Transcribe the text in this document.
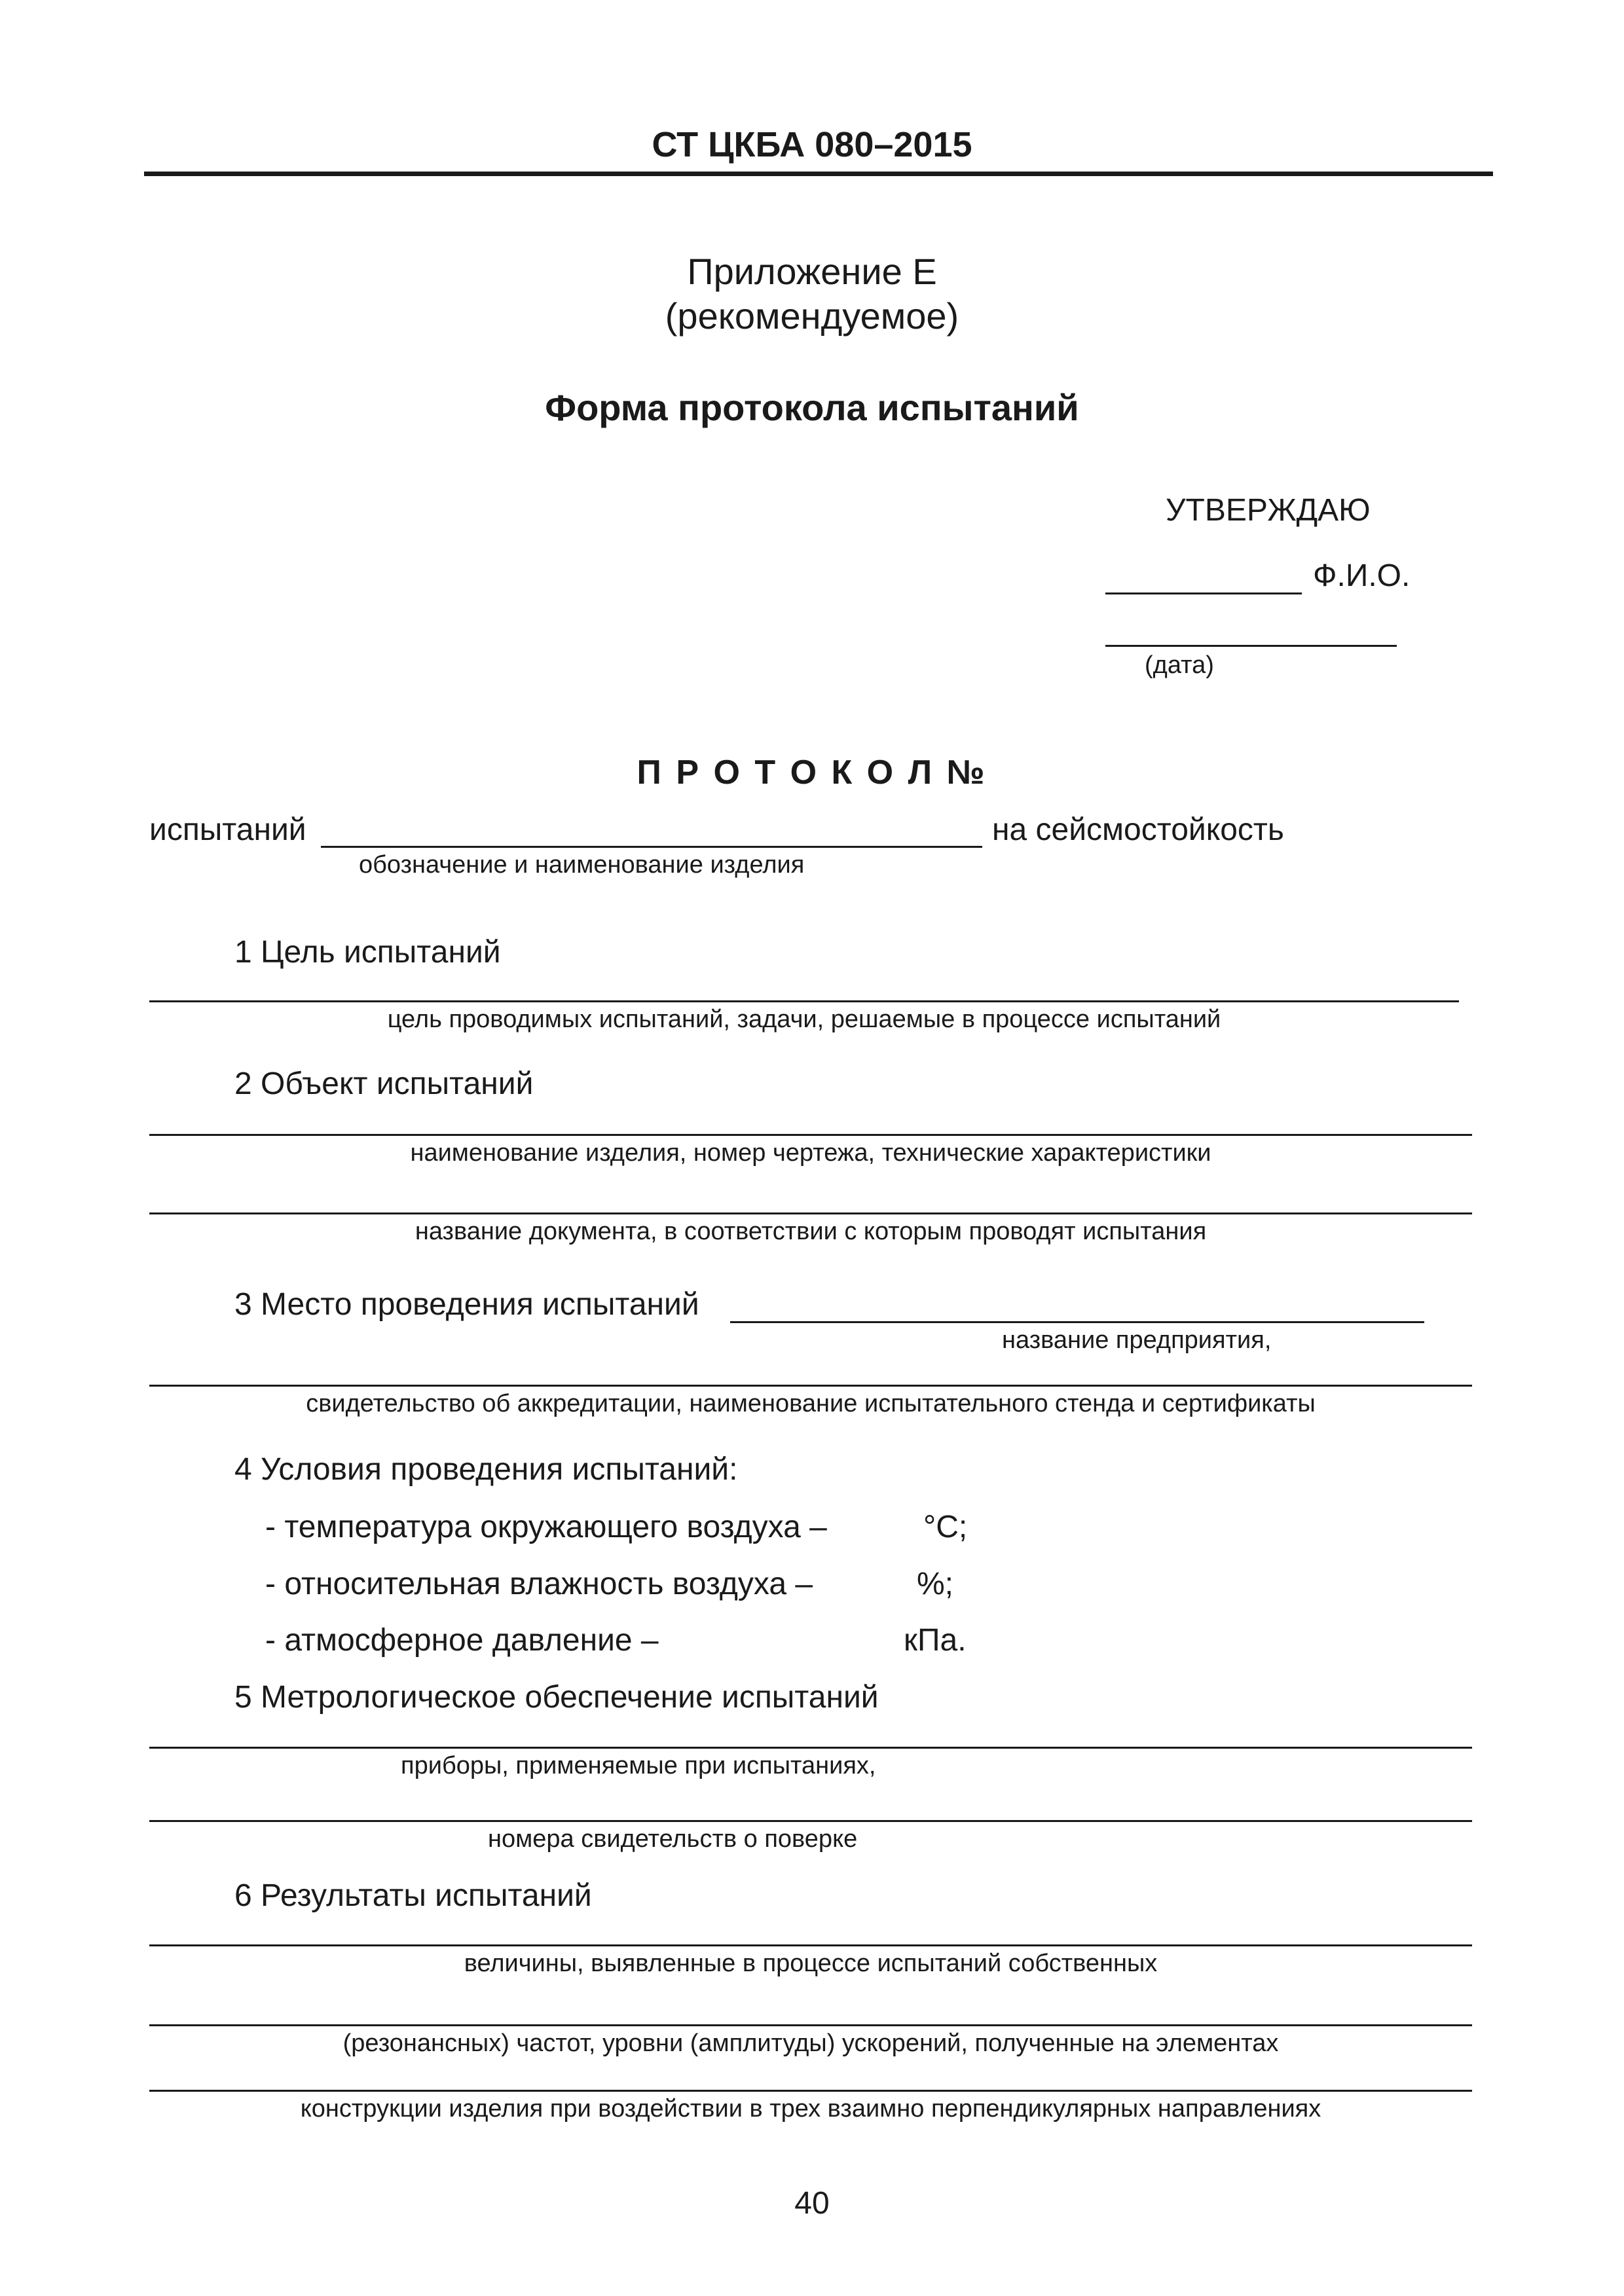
СТ ЦКБА 080–2015
Приложение Е
(рекомендуемое)
Форма протокола испытаний
УТВЕРЖДАЮ
Ф.И.О.
(дата)
П Р О Т О К О Л №
испытаний	на сейсмостойкость
обозначение и наименование изделия
1 Цель испытаний
цель проводимых испытаний, задачи, решаемые в процессе испытаний
2 Объект испытаний
наименование изделия, номер чертежа, технические характеристики
название документа, в соответствии с которым проводят испытания
3 Место проведения испытаний
название предприятия,
свидетельство об аккредитации, наименование испытательного стенда и сертификаты
4 Условия проведения испытаний:
- температура окружающего воздуха –	°С;
- относительная влажность воздуха –	%;
- атмосферное давление –	кПа.
5 Метрологическое обеспечение испытаний
приборы, применяемые при испытаниях,
номера свидетельств о поверке
6 Результаты испытаний
величины, выявленные в процессе испытаний собственных
(резонансных) частот, уровни (амплитуды) ускорений, полученные на элементах
конструкции изделия при воздействии в трех взаимно перпендикулярных направлениях
40
